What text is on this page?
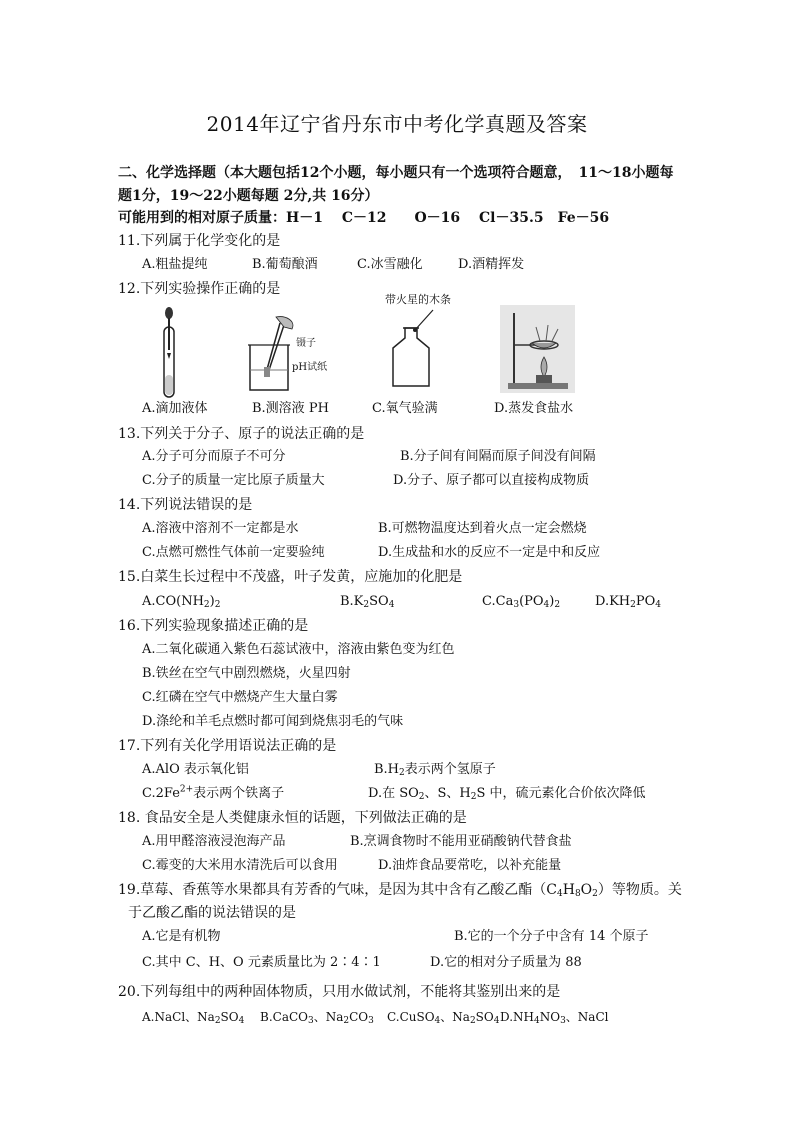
2014年辽宁省丹东市中考化学真题及答案
二、化学选择题（本大题包括12个小题，每小题只有一个选项符合题意，　11～18小题每
题1分，19～22小题每题 2分,共 16分）
可能用到的相对原子质量：H－1　 C－12　　O－16　 Cl－35.5　Fe－56
11.下列属于化学变化的是
A.粗盐提纯	B.葡萄酿酒	C.冰雪融化	D.酒精挥发
12.下列实验操作正确的是
镊子
pH试纸
带火星的木条
A.滴加液体	B.测溶液 PH	C.氧气验满	D.蒸发食盐水
13.下列关于分子、原子的说法正确的是
A.分子可分而原子不可分	B.分子间有间隔而原子间没有间隔
C.分子的质量一定比原子质量大	D.分子、原子都可以直接构成物质
14.下列说法错误的是
A.溶液中溶剂不一定都是水	B.可燃物温度达到着火点一定会燃烧
C.点燃可燃性气体前一定要验纯	D.生成盐和水的反应不一定是中和反应
15.白菜生长过程中不茂盛，叶子发黄，应施加的化肥是
$A.CO(NH_2)_2$	$B.K_2SO_4$	$C.Ca_3(PO_4)_2$	$D.KH_2PO_4$
16.下列实验现象描述正确的是
A.二氧化碳通入紫色石蕊试液中，溶液由紫色变为红色
B.铁丝在空气中剧烈燃烧，火星四射
C.红磷在空气中燃烧产生大量白雾
D.涤纶和羊毛点燃时都可闻到烧焦羽毛的气味
17.下列有关化学用语说法正确的是
A.AlO 表示氧化铝	$B.H_2$表示两个氢原子
$C.2Fe^{2+}$表示两个铁离子	D.在 $SO_2$、S、$H_2S$ 中，硫元素化合价依次降低
18. 食品安全是人类健康永恒的话题，下列做法正确的是
A.用甲醛溶液浸泡海产品	B.烹调食物时不能用亚硝酸钠代替食盐
C.霉变的大米用水清洗后可以食用	D.油炸食品要常吃，以补充能量
19.草莓、香蕉等水果都具有芳香的气味，是因为其中含有乙酸乙酯$(C_4H_8O_2)$等物质。关
于乙酸乙酯的说法错误的是
A.它是有机物	B.它的一个分子中含有 14 个原子
C.其中 C、H、O 元素质量比为 2∶4∶1	D.它的相对分子质量为 88
20.下列每组中的两种固体物质，只用水做试剂，不能将其鉴别出来的是
A.NaCl、$Na_2SO_4$ B.CaCO$_3$、$Na_2CO_3$ C.CuSO$_4$、$Na_2SO_4$ $D.NH_4NO_3$、NaCl
